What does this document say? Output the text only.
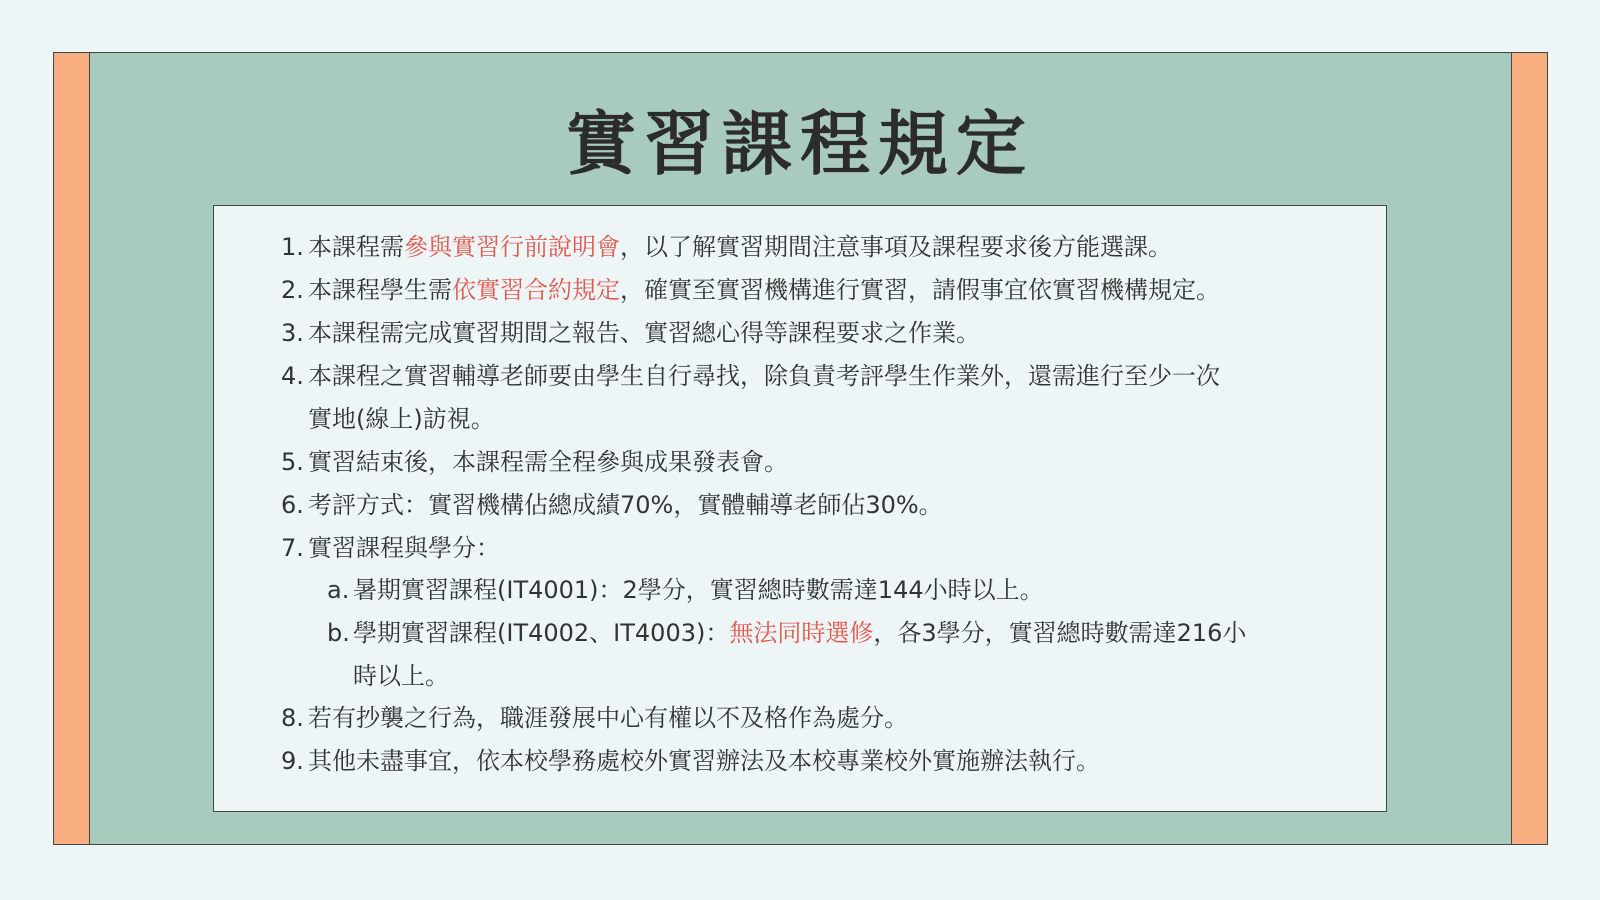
實習課程規定
1. 本課程需參與實習行前說明會，以了解實習期間注意事項及課程要求後方能選課。
2. 本課程學生需依實習合約規定，確實至實習機構進行實習，請假事宜依實習機構規定。
3. 本課程需完成實習期間之報告、實習總心得等課程要求之作業。
4. 本課程之實習輔導老師要由學生自行尋找，除負責考評學生作業外，還需進行至少一次
實地(線上)訪視。
5. 實習結束後，本課程需全程參與成果發表會。
6. 考評方式：實習機構佔總成績70%，實體輔導老師佔30%。
7. 實習課程與學分：
a. 暑期實習課程(IT4001)：2學分，實習總時數需達144小時以上。
b. 學期實習課程(IT4002、IT4003)：無法同時選修，各3學分，實習總時數需達216小
時以上。
8. 若有抄襲之行為，職涯發展中心有權以不及格作為處分。
9. 其他未盡事宜，依本校學務處校外實習辦法及本校專業校外實施辦法執行。
